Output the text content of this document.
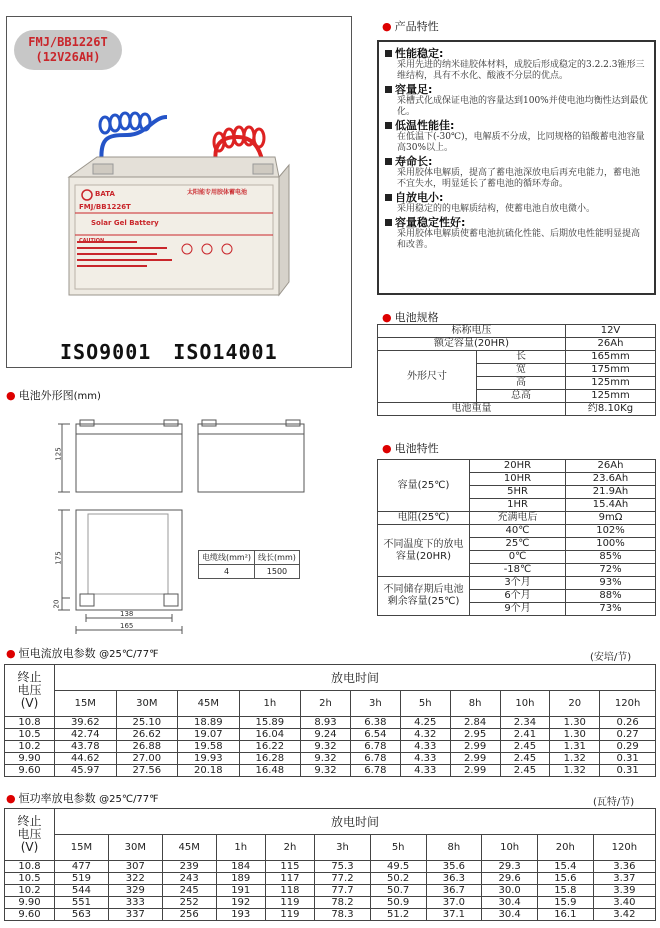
BATA
FMJ/BB1226T
太阳能专用胶体蓄电池
Solar Gel Battery
CAUTION
FMJ/BB1226T
(12V26AH)
ISO9001 ISO14001
● 产品特性
性能稳定:
采用先进的纳米硅胶体材料，成胶后形成稳定的3.2.2.3锥形三维结构，具有不水化、酸液不分层的优点。
容量足:
采槽式化成保证电池的容量达到100%并使电池均衡性达到最优化。
低温性能佳:
在低温下(-30℃)，电解质不分成，比同规格的铅酸蓄电池容量高30%以上。
寿命长:
采用胶体电解质，提高了蓄电池深放电后再充电能力，蓄电池不宜失水，明显延长了蓄电池的循环寿命。
自放电小:
采用稳定的的电解质结构，使蓄电池自放电微小。
容量稳定性好:
采用胶体电解质使蓄电池抗硫化性能、后期放电性能明显提高和改善。
● 电池规格
标称电压		12V
额定容量(20HR)		26Ah
外形尺寸	长	165mm
	宽	175mm
	高	125mm
	总高	125mm
电池重量		约8.10Kg
● 电池特性
容量(25℃)	20HR	26Ah
	10HR	23.6Ah
	5HR	21.9Ah
	1HR	15.4Ah
电阻(25℃)	充满电后	9mΩ
不同温度下的放电容量(20HR)	40℃	102%
	25℃	100%
	0℃	85%
	-18℃	72%
不同储存期后电池剩余容量(25℃)	3个月	93%
	6个月	88%
	9个月	73%
● 电池外形图(mm)
125
175
20
138
165
电缆线(mm²)	线长(mm)
4	1500
● 恒电流放电参数 @25℃/77℉	(安培/节)
终止
电压
(V)	放电时间										
	15M	30M	45M	1h	2h	3h	5h	8h	10h	20	120h
10.8	39.62	25.10	18.89	15.89	8.93	6.38	4.25	2.84	2.34	1.30	0.26
10.5	42.74	26.62	19.07	16.04	9.24	6.54	4.32	2.95	2.41	1.30	0.27
10.2	43.78	26.88	19.58	16.22	9.32	6.78	4.33	2.99	2.45	1.31	0.29
9.90	44.62	27.00	19.93	16.28	9.32	6.78	4.33	2.99	2.45	1.32	0.31
9.60	45.97	27.56	20.18	16.48	9.32	6.78	4.33	2.99	2.45	1.32	0.31
● 恒功率放电参数 @25℃/77℉	(瓦特/节)
终止
电压
(V)	放电时间										
	15M	30M	45M	1h	2h	3h	5h	8h	10h	20h	120h
10.8	477	307	239	184	115	75.3	49.5	35.6	29.3	15.4	3.36
10.5	519	322	243	189	117	77.2	50.2	36.3	29.6	15.6	3.37
10.2	544	329	245	191	118	77.7	50.7	36.7	30.0	15.8	3.39
9.90	551	333	252	192	119	78.2	50.9	37.0	30.4	15.9	3.40
9.60	563	337	256	193	119	78.3	51.2	37.1	30.4	16.1	3.42
